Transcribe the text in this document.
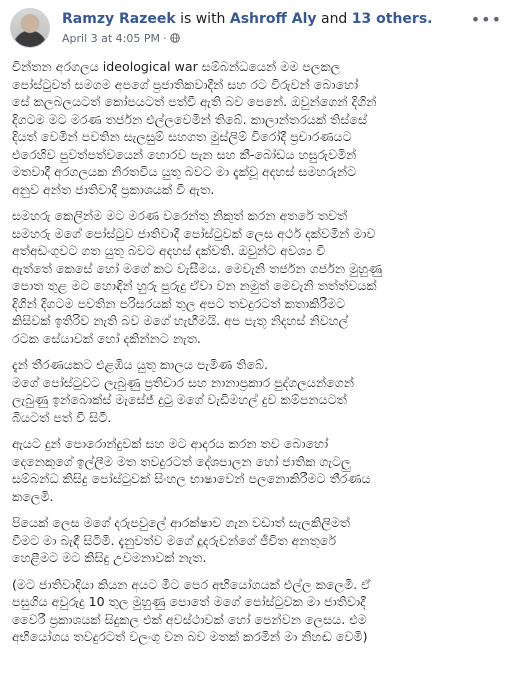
Ramzy Razeek is with Ashroff Aly and 13 others.
April 3 at 4:05 PM ·
•••

චින්තන අරගලය ideological war සම්බන්ධයෙන් මම පලකල
පෝස්ටුවත් සමගම අපගේ ප්‍රජාතිකවාදීන් සහ රට විරුවන් බොහෝ
සේ කලබලයටත් කෝපයටත් පත්වී ඇති බව පෙනේ. ඔවුන්ගෙන් දිගින්
දිගටම මට මරණ තර්ජන එල්ලවෙමින් තිබේ. කාලාන්තරයක් තිස්සේ
දියත් වෙමින් පවතින සැලසුම් සහගත මුස්ලිම් විරෝදී ප්‍රචාරණයට
එරෙහිව පුවත්පත්වයෙන් හොරව පැන සහ කී-බෝඩය හසුරුවමින්
මතවාදී අරගලයක නිරතවිය යුතු බවට මා දැක්වූ අදහස් සමහරුන්ට
අනුව අන්ත ජාතිවාදී ප්‍රකාශයක් වී ඇත.

සමහරු කෙලින්ම මට මරණ වරෙන්තු නිකුත් කරන අතරේ තවත්
සමහරු මගේ පෝස්ටුව ජාතිවාදී පෝස්ටුවක් ලෙස අර්ථ දක්වමින් මාව
අත්අඩංගුවට ගත යුතු බවට අදහස් දක්වති. ඔවුන්ට අවශ්‍ය වී
ඇත්තේ කෙසේ හෝ මගේ කට වැසීමය. මෙවැනි තර්ජන ගර්ජන මුහුණු
පොත තුළ මට හොඳින් හුරු පුරුදු ඒවා වන නමුත් මෙවැනි තත්ත්වයක්
දිගින් දිගටම පවතින පරිසරයක් තුල අපට තවදුරටත් කතාකිරීමට
කිසිවක් ඉතිරිව නැති බව මගේ හැඟීමයි. අප පැතූ නිදහස් නිවහල්
රටක සේයාවක් හෝ දකින්නට නැත.

දැන් තීරණයකට එළඹිය යුතු කාලය පැමිණ තිබේ.
මගේ පෝස්ටුවට ලැබුණු ප්‍රතිචාර සහ නානාප්‍රකාර පුද්ගලයන්ගෙන්
ලැබුණු ඉන්බොක්ස් මැසේජ් දුටු මගේ වැඩිමහල් දුව කම්පනයටත්
බියටත් පත් වී සිටී.

ඇයට දුන් පොරොන්දුවක් සහ මට ආදරය කරන තව බොහෝ
දෙනෙකුගේ ඉල්ලීම මත තවදුරටත් දේශපාලන හෝ ජාතික ගැටලු
සම්බන්ධ කිසිදු පෝස්ටුවක් සිංහල භාෂාවෙන් පලනොකිරීමට තීරණය
කලෙමි.

පියෙක් ලෙස මගේ දරුපවුලේ ආරක්ෂාව ගැන වඩාත් සැලකිලිමත්
වීමට මා බැඳී සිටිමි. දැනුවත්ව මගේ දූදරුවන්ගේ ජීවිත අනතුරේ
හෙළීමට මට කිසිදු උවමනාවක් නැත.

(මට ජාතිවාදියා කියන අයට මීට පෙර අභියෝගයක් එල්ල කලෙමි. ඒ
පසුගිය අවුරුදු 10 තුල මුහුණු පොතේ මගේ පෝස්ටුවක මා ජාතිවාදී
වෛරී ප්‍රකාශයක් සිදුකල එක් අවස්ථාවක් හෝ පෙන්වන ලෙසය. එම
අභියෝගය තවදුරටත් වලංගු වන බව මතක් කරමින් මා නිහඬ වෙමි)
